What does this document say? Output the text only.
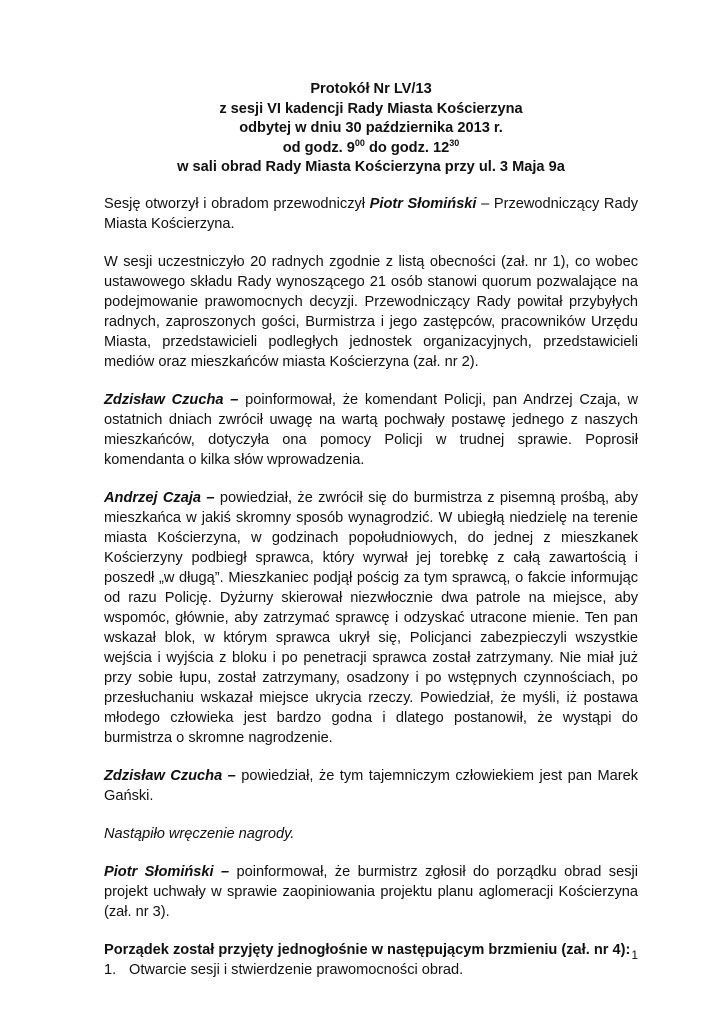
Protokół Nr LV/13
z sesji VI kadencji Rady Miasta Kościerzyna
odbytej w dniu 30 października 2013 r.
od godz. $9^{00}$ do godz. $12^{30}$
w sali obrad Rady Miasta Kościerzyna przy ul. 3 Maja 9a

Sesję otworzył i obradom przewodniczył Piotr Słomiński – Przewodniczący Rady Miasta Kościerzyna.

W sesji uczestniczyło 20 radnych zgodnie z listą obecności (zał. nr 1), co wobec ustawowego składu Rady wynoszącego 21 osób stanowi quorum pozwalające na podejmowanie prawomocnych decyzji. Przewodniczący Rady powitał przybyłych radnych, zaproszonych gości, Burmistrza i jego zastępców, pracowników Urzędu Miasta, przedstawicieli podległych jednostek organizacyjnych, przedstawicieli mediów oraz mieszkańców miasta Kościerzyna (zał. nr 2).

Zdzisław Czucha – poinformował, że komendant Policji, pan Andrzej Czaja, w ostatnich dniach zwrócił uwagę na wartą pochwały postawę jednego z naszych mieszkańców, dotyczyła ona pomocy Policji w trudnej sprawie. Poprosił komendanta o kilka słów wprowadzenia.

Andrzej Czaja – powiedział, że zwrócił się do burmistrza z pisemną prośbą, aby mieszkańca w jakiś skromny sposób wynagrodzić. W ubiegłą niedzielę na terenie miasta Kościerzyna, w godzinach popołudniowych, do jednej z mieszkanek Kościerzyny podbiegł sprawca, który wyrwał jej torebkę z całą zawartością i poszedł „w długą”. Mieszkaniec podjął pościg za tym sprawcą, o fakcie informując od razu Policję. Dyżurny skierował niezwłocznie dwa patrole na miejsce, aby wspomóc, głównie, aby zatrzymać sprawcę i odzyskać utracone mienie. Ten pan wskazał blok, w którym sprawca ukrył się, Policjanci zabezpieczyli wszystkie wejścia i wyjścia z bloku i po penetracji sprawca został zatrzymany. Nie miał już przy sobie łupu, został zatrzymany, osadzony i po wstępnych czynnościach, po przesłuchaniu wskazał miejsce ukrycia rzeczy. Powiedział, że myśli, iż postawa młodego człowieka jest bardzo godna i dlatego postanowił, że wystąpi do burmistrza o skromne nagrodzenie.

Zdzisław Czucha – powiedział, że tym tajemniczym człowiekiem jest pan Marek Gański.

Nastąpiło wręczenie nagrody.

Piotr Słomiński – poinformował, że burmistrz zgłosił do porządku obrad sesji projekt uchwały w sprawie zaopiniowania projektu planu aglomeracji Kościerzyna (zał. nr 3).

Porządek został przyjęty jednogłośnie w następującym brzmieniu (zał. nr 4):
1. Otwarcie sesji i stwierdzenie prawomocności obrad.
1
